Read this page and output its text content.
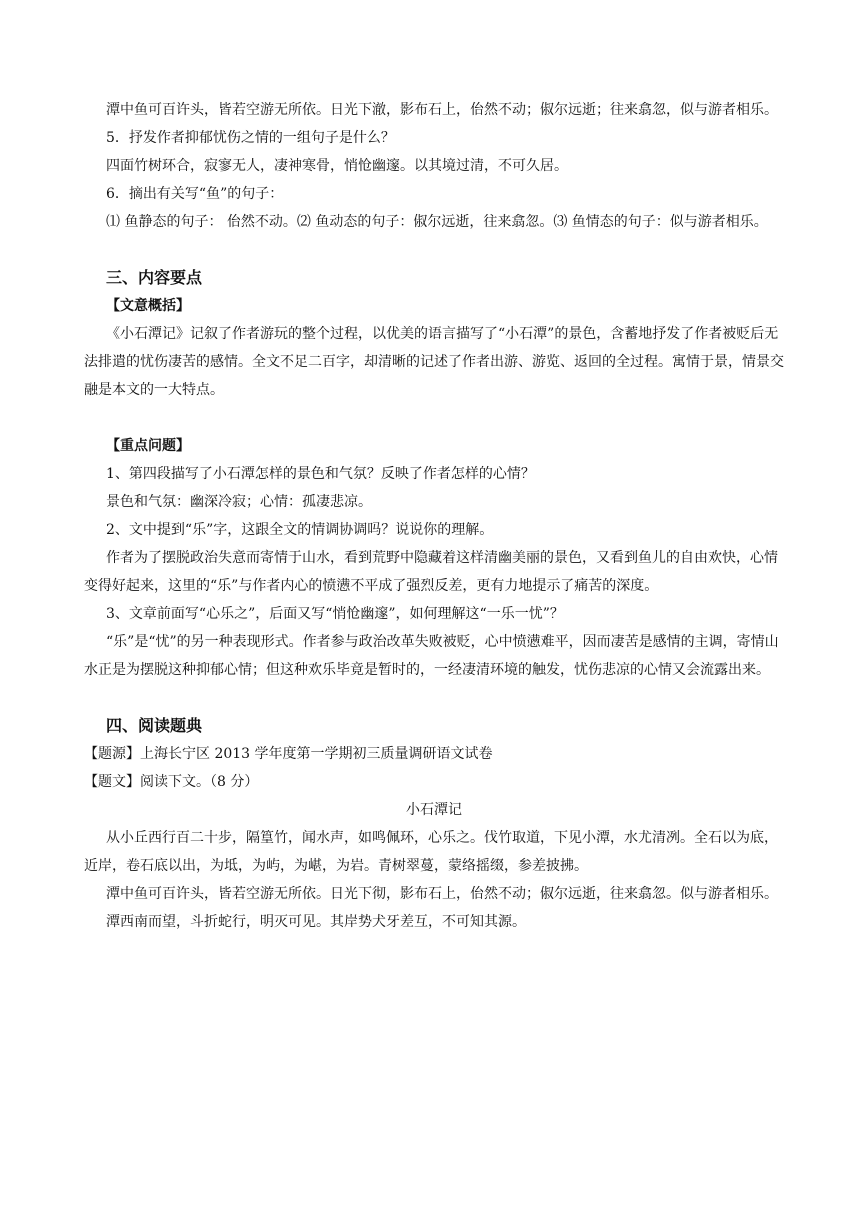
潭中鱼可百许头，皆若空游无所依。日光下澈，影布石上，佁然不动；俶尔远逝；往来翕忽，似与游者相乐。

5．抒发作者抑郁忧伤之情的一组句子是什么？

四面竹树环合，寂寥无人，凄神寒骨，悄怆幽邃。以其境过清，不可久居。

6．摘出有关写“鱼”的句子：

⑴ 鱼静态的句子： 佁然不动。⑵ 鱼动态的句子：俶尔远逝，往来翕忽。⑶ 鱼情态的句子：似与游者相乐。

三、内容要点

【文意概括】

《小石潭记》记叙了作者游玩的整个过程，以优美的语言描写了“小石潭”的景色，含蓄地抒发了作者被贬后无法排遣的忧伤凄苦的感情。全文不足二百字，却清晰的记述了作者出游、游览、返回的全过程。寓情于景，情景交融是本文的一大特点。

【重点问题】

1、第四段描写了小石潭怎样的景色和气氛？反映了作者怎样的心情？

景色和气氛：幽深冷寂；心情：孤凄悲凉。

2、文中提到“乐”字，这跟全文的情调协调吗？说说你的理解。

作者为了摆脱政治失意而寄情于山水，看到荒野中隐藏着这样清幽美丽的景色，又看到鱼儿的自由欢快，心情变得好起来，这里的“乐”与作者内心的愤懑不平成了强烈反差，更有力地提示了痛苦的深度。

3、文章前面写“心乐之”，后面又写“悄怆幽邃”，如何理解这“一乐一忧”？

“乐”是“忧”的另一种表现形式。作者参与政治改革失败被贬，心中愤懑难平，因而凄苦是感情的主调，寄情山水正是为摆脱这种抑郁心情；但这种欢乐毕竟是暂时的，一经凄清环境的触发，忧伤悲凉的心情又会流露出来。

四、阅读题典

【题源】上海长宁区 2013 学年度第一学期初三质量调研语文试卷

【题文】阅读下文。（8 分）

小石潭记

从小丘西行百二十步，隔篁竹，闻水声，如鸣佩环，心乐之。伐竹取道，下见小潭，水尤清冽。全石以为底，近岸，卷石底以出，为坻，为屿，为嵁，为岩。青树翠蔓，蒙络摇缀，参差披拂。

潭中鱼可百许头，皆若空游无所依。日光下彻，影布石上，佁然不动；俶尔远逝，往来翕忽。似与游者相乐。

潭西南而望，斗折蛇行，明灭可见。其岸势犬牙差互，不可知其源。
